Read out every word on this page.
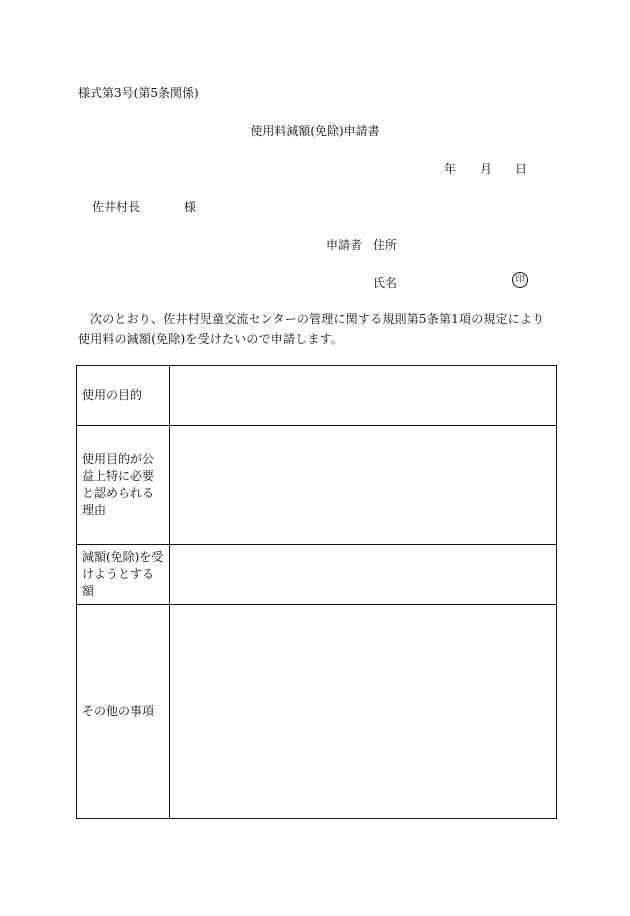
様式第3号(第5条関係)
使用料減額(免除)申請書
年 月 日
佐井村長	様
申請者 住所
氏名	印
次のとおり、佐井村児童交流センターの管理に関する規則第5条第1項の規定により使用料の減額(免除)を受けたいので申請します。
使用の目的	
使用目的が公益上特に必要と認められる理由	
減額(免除)を受けようとする額	
その他の事項	
